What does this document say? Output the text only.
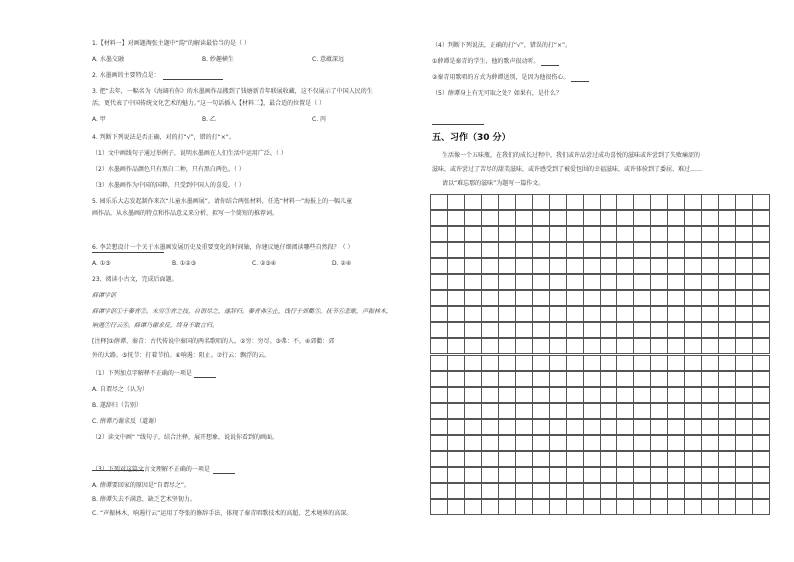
1.【材料一】对画题淘张主题中“韵”的解读最恰当的是（ ）
A. 水墨交融	B. 妙趣横生	C. 意蕴深远
2. 水墨画的主要特点是：
3. 把“去年，一幅名为《海阔有你》的水墨画作品搬到了钱塘新青年联展收藏，这不仅展示了中国人民的生
活，更代表了中国传统文化艺术的魅力。”这一句话插入【材料二】，最合适的位置是（ ）
A. 甲	B. 乙	C. 丙
4. 判断下列说法是否正确，对的打“√”，错的打“×”。
（1）文中画线句子通过举例子，说明水墨画在人们生活中运用广泛。（ ）
（2）水墨画作品颜色只有黑白二种，只有黑白两色。（ ）
（3）水墨画作为中国的国粹，只受到中国人的喜爱。（ ）
5. 园乐乐大志发起制作来次“儿童水墨画展”。请你结合两张材料，任选“材料一”海报上的一幅儿童
画作品，从水墨画的特点和作品意义来分析，拟写一个简短的推荐词。
6. 李芸想设计一个关于水墨画发展历史及重要变化的时间轴，你建议她仔细阅读哪些自然段？（ ）
A. ①③	B. ①②③	C. ②③④	D. ②④
23、阅读小古文，完成后面题。
薛谭学讴
薛谭学讴①于秦青②，未穷③青之技，自谓尽之，遂辞归。秦青弗④止，饯行于郊衢⑤，抚节⑥悲歌，声振林木，
响遏⑦行云⑧。薛谭乃谢求反，终身不敢言归。
[注释]①薛谭、秦青：古代传说中秦国的两名歌唱的人。②穷：穷尽。③弗：不。④郊衢：郊
外的大路。⑤抚节：打着节拍。⑥响遏：阻止。⑦行云：飘浮的云。
（1）下列加点字解释不正确的一项是
A. 自谓尽之（认为）
B. 遂辞归（告别）
C. 薛谭乃谢求反（道谢）
（2）读文中画“ ”线句子，结合注释，展开想象，说说你看到的画面。
（3）下列对这篇文言文理解不正确的一项是
A. 薛谭要回家的原因是“自谓尽之”。
B. 薛谭失去不满意，缺乏艺术坚韧力。
C. “声振林木，响遏行云”运用了夸张的修辞手法，体现了秦青唱歌技术的高超，艺术境界的高深。
（4）判断下列说法，正确的打“√”，错误的打“×”。
①薛谭是秦青的学生，他的歌声很动听。
②秦青用歌唱的方式为薛谭送别，是因为他很伤心。
（5）薛谭身上有无可取之处？如果有，是什么？
五、习作（30 分）
生活像一个五味瓶，在我们的成长过程中，我们或许品尝过成功喜悦的滋味或许尝到了失败痛涩的
滋味，或许尝过了苦尽的甜美滋味，或许感受到了被爱包围的幸福滋味，或许体验到了委屈、难过……
请以“难忘那的滋味”为题写一篇作文。
